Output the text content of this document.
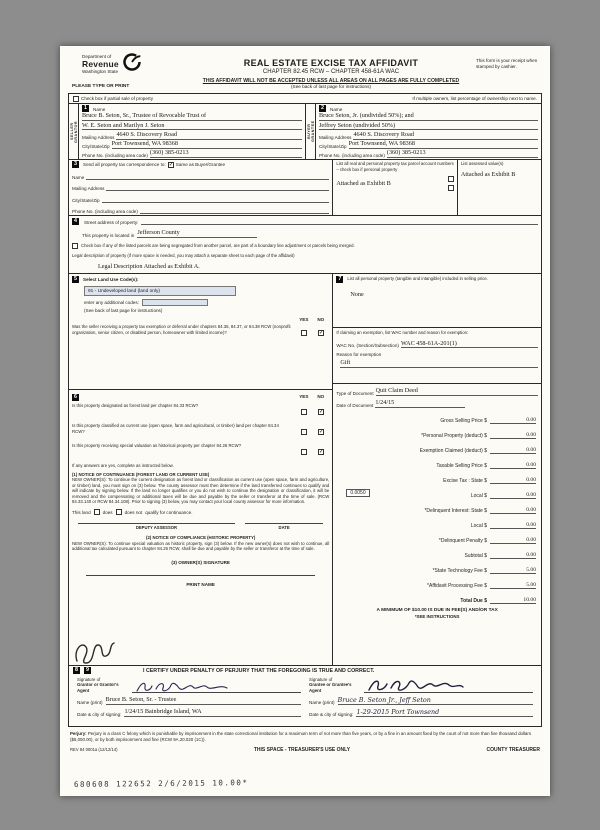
Department of
Revenue
Washington State
PLEASE TYPE OR PRINT
REAL ESTATE EXCISE TAX AFFIDAVIT
CHAPTER 82.45 RCW – CHAPTER 458-61A WAC
THIS AFFIDAVIT WILL NOT BE ACCEPTED UNLESS ALL AREAS ON ALL PAGES ARE FULLY COMPLETED
(See back of last page for instructions)
This form is your receipt when stamped by cashier.
Check box if partial sale of property	If multiple owners, list percentage of ownership next to name.
SELLER GRANTOR
1	Name
Bruce B. Seton, Sr., Trustee of Revocable Trust of
W. E. Seton and Marilyn J. Seton
Mailing Address 4640 S. Discovery Road
City/State/Zip Port Townsend, WA 98368
Phone No. (including area code) (360) 385-0213
BUYER GRANTEE
2	Name
Bruce Seton, Jr. (undivided 50%); and
Jeffrey Seton (undivided 50%)
Mailing Address 4640 S. Discovery Road
City/State/Zip Port Townsend, WA 98368
Phone No. (including area code) (360) 385-0213
3	Send all property tax correspondence to: ✓ Same as Buyer/Grantee
Name
Mailing Address
City/State/Zip
Phone No. (including area code)
List all real and personal property tax parcel account numbers – check box if personal property
Attached as Exhibit B
List assessed value(s)
Attached as Exhibit B
4	Street address of property:
This property is located in Jefferson County
Check box if any of the listed parcels are being segregated from another parcel, are part of a boundary line adjustment or parcels being merged.
Legal description of property (if more space is needed, you may attach a separate sheet to each page of the affidavit)
Legal Description Attached as Exhibit A.
5	Select Land Use Code(s):
91 - Undeveloped land (land only)
enter any additional codes:
(See back of last page for instructions)
YES	NO
Was the seller receiving a property tax exemption or deferral under chapters 84.36, 84.37, or 84.38 RCW (nonprofit organization, senior citizen, or disabled person, homeowner with limited income)?	✓
6	YES	NO
Is this property designated as forest land per chapter 84.33 RCW?
✓
Is this property classified as current use (open space, farm and agricultural, or timber) land per chapter 84.34 RCW?	✓
Is this property receiving special valuation as historical property per chapter 84.26 RCW?
✓
If any answers are yes, complete as instructed below.
(1) NOTICE OF CONTINUANCE (FOREST LAND OR CURRENT USE)
NEW OWNER(S): To continue the current designation as forest land or classification as current use (open space, farm and agriculture, or timber) land, you must sign on (3) below. The county assessor must then determine if the land transferred continues to qualify and will indicate by signing below. If the land no longer qualifies or you do not wish to continue the designation or classification, it will be removed and the compensating or additional taxes will be due and payable by the seller or transferor at the time of sale. (RCW 84.33.140 or RCW 84.34.108). Prior to signing (3) below, you may contact your local county assessor for more information.
This land	does	does not qualify for continuance.
DEPUTY ASSESSOR	DATE
(2) NOTICE OF COMPLIANCE (HISTORIC PROPERTY)
NEW OWNER(S): To continue special valuation as historic property, sign (3) below. If the new owner(s) does not wish to continue, all additional tax calculated pursuant to chapter 84.26 RCW, shall be due and payable by the seller or transferor at the time of sale.
(3) OWNER(S) SIGNATURE
PRINT NAME
7	List all personal property (tangible and intangible) included in selling price.
None
If claiming an exemption, list WAC number and reason for exemption:
WAC No. (Section/Subsection) WAC 458-61A-201(1)
Reason for exemption
Gift
Type of Document Quit Claim Deed
Date of Document 1/24/15
Gross Selling Price $	0.00
*Personal Property (deduct) $	0.00
Exemption Claimed (deduct) $	0.00
Taxable Selling Price $	0.00
Excise Tax : State $	0.00
0.0050	Local $	0.00
*Delinquent Interest: State $	0.00
Local $	0.00
*Delinquent Penalty $	0.00
Subtotal $	0.00
*State Technology Fee $	5.00
*Affidavit Processing Fee $	5.00
Total Due $	10.00
A MINIMUM OF $10.00 IS DUE IN FEE(S) AND/OR TAX
*SEE INSTRUCTIONS
8	9	I CERTIFY UNDER PENALTY OF PERJURY THAT THE FOREGOING IS TRUE AND CORRECT.
Signature of
Grantor or Grantor's Agent
Name (print) Bruce B. Seton, Sr. - Trustee
Date & city of signing: 1/24/15 Bainbridge Island, WA
Signature of
Grantee or Grantee's Agent
Name (print) Bruce B. Seton Jr., Jeff Seton
Date & city of signing: 1-29-2015 Port Townsend
Perjury: Perjury is a class C felony which is punishable by imprisonment in the state correctional institution for a maximum term of not more than five years, or by a fine in an amount fixed by the court of not more than five thousand dollars ($5,000.00), or by both imprisonment and fine (RCW 9A.20.020 (1C)).
REV 84 0001a (12/12/14)	THIS SPACE - TREASURER'S USE ONLY	COUNTY TREASURER
680608 122652 2/6/2015 10.00*
